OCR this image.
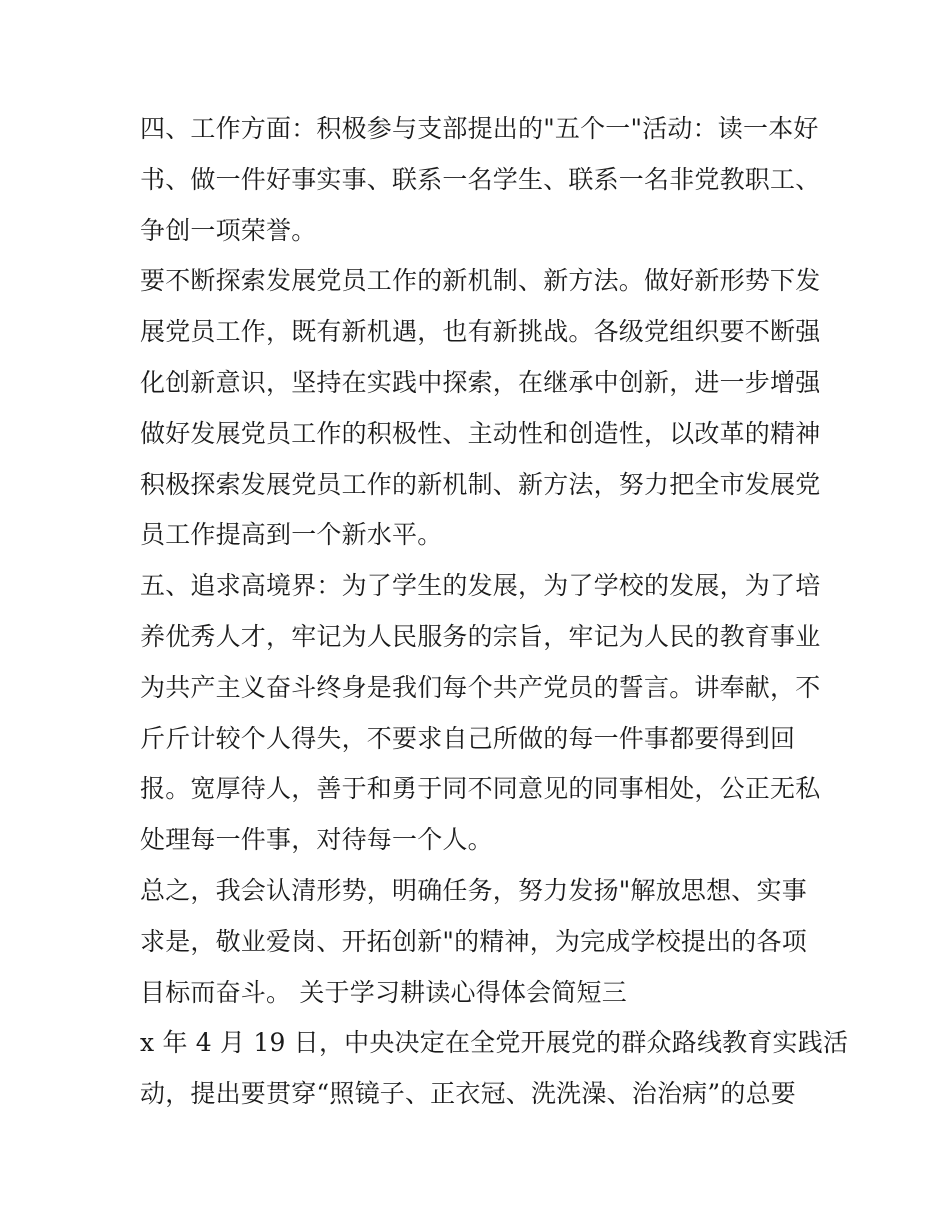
四、工作方面：积极参与支部提出的"五个一"活动：读一本好
书、做一件好事实事、联系一名学生、联系一名非党教职工、
争创一项荣誉。
要不断探索发展党员工作的新机制、新方法。做好新形势下发
展党员工作，既有新机遇，也有新挑战。各级党组织要不断强
化创新意识，坚持在实践中探索，在继承中创新，进一步增强
做好发展党员工作的积极性、主动性和创造性，以改革的精神
积极探索发展党员工作的新机制、新方法，努力把全市发展党
员工作提高到一个新水平。
五、追求高境界：为了学生的发展，为了学校的发展，为了培
养优秀人才，牢记为人民服务的宗旨，牢记为人民的教育事业
为共产主义奋斗终身是我们每个共产党员的誓言。讲奉献，不
斤斤计较个人得失，不要求自己所做的每一件事都要得到回
报。宽厚待人，善于和勇于同不同意见的同事相处，公正无私
处理每一件事，对待每一个人。
总之，我会认清形势，明确任务，努力发扬"解放思想、实事
求是，敬业爱岗、开拓创新"的精神，为完成学校提出的各项
目标而奋斗。 关于学习耕读心得体会简短三
x 年 4 月 19 日，中央决定在全党开展党的群众路线教育实践活
动，提出要贯穿“照镜子、正衣冠、洗洗澡、治治病”的总要
